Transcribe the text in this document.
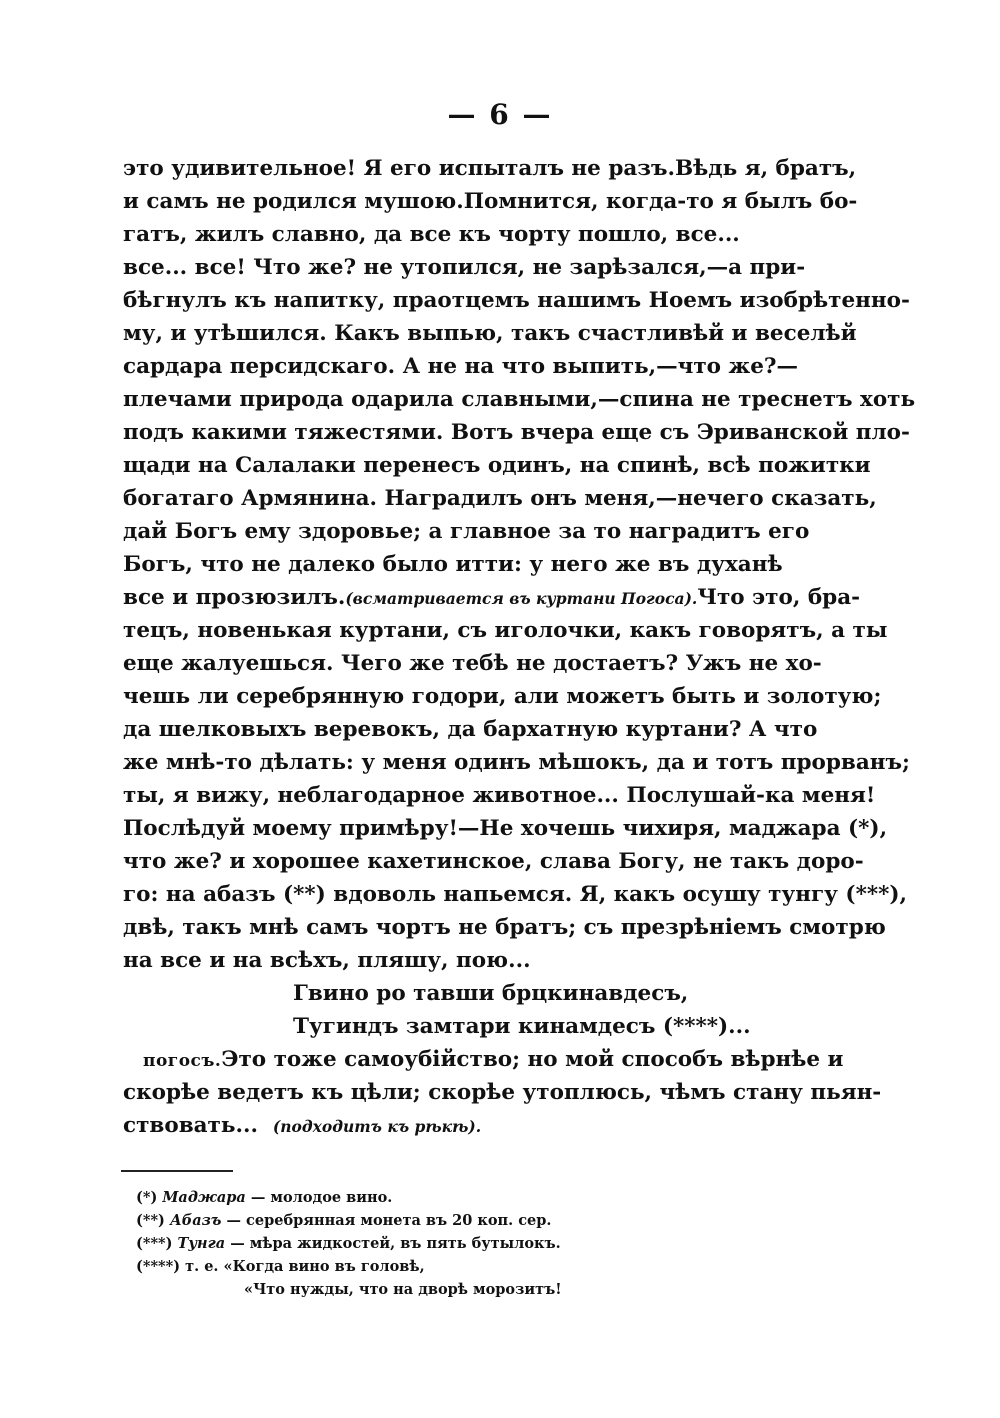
— 6 —
это удивительное! Я его испыталъ не разъ. Вѣдь я, братъ,
и самъ не родился мушою. Помнится, когда-то я былъ бо-
гатъ, жилъ славно, да все къ чорту пошло, все...
все... все! Что же? не утопился, не зарѣзался,—а при-
бѣгнулъ къ напитку, праотцемъ нашимъ Ноемъ изобрѣтенно-
му, и утѣшился. Какъ выпью, такъ счастливѣй и веселѣй
сардара персидскаго. А не на что выпить,—что же?—
плечами природа одарила славными,—спина не треснетъ хоть
подъ какими тяжестями. Вотъ вчера еще съ Эриванской пло-
щади на Салалаки перенесъ одинъ, на спинѣ, всѣ пожитки
богатаго Армянина. Наградилъ онъ меня,—нечего сказать,
дай Богъ ему здоровье; а главное за то наградитъ его
Богъ, что не далеко было итти: у него же въ духанѣ
все и прозюзилъ. (всматривается въ куртани Погоса). Что это, бра-
тецъ, новенькая куртани, съ иголочки, какъ говорятъ, а ты
еще жалуешься. Чего же тебѣ не достаетъ? Ужъ не хо-
чешь ли серебрянную годори, али можетъ быть и золотую;
да шелковыхъ веревокъ, да бархатную куртани? А что
же мнѣ-то дѣлать: у меня одинъ мѣшокъ, да и тотъ прорванъ;
ты, я вижу, неблагодарное животное... Послушай-ка меня!
Послѣдуй моему примѣру!—Не хочешь чихиря, маджара (*),
что же? и хорошее кахетинское, слава Богу, не такъ доро-
го: на абазъ (**) вдоволь напьемся. Я, какъ осушу тунгу (***),
двѣ, такъ мнѣ самъ чортъ не братъ; съ презрѣніемъ смотрю
на все и на всѣхъ, пляшу, пою...
Гвино ро тавши брцкинавдесъ,
Тугиндъ замтари кинамдесъ (****)...
погосъ. Это тоже самоубійство; но мой способъ вѣрнѣе и
скорѣе ведетъ къ цѣли; скорѣе утоплюсь, чѣмъ стану пьян-
ствовать...
(подходитъ къ рѣкѣ).
(*) Маджара — молодое вино.
(**) Абазъ — серебрянная монета въ 20 коп. сер.
(***) Тунга — мѣра жидкостей, въ пять бутылокъ.
(****) т. е. «Когда вино въ головѣ,
«Что нужды, что на дворѣ морозитъ!
